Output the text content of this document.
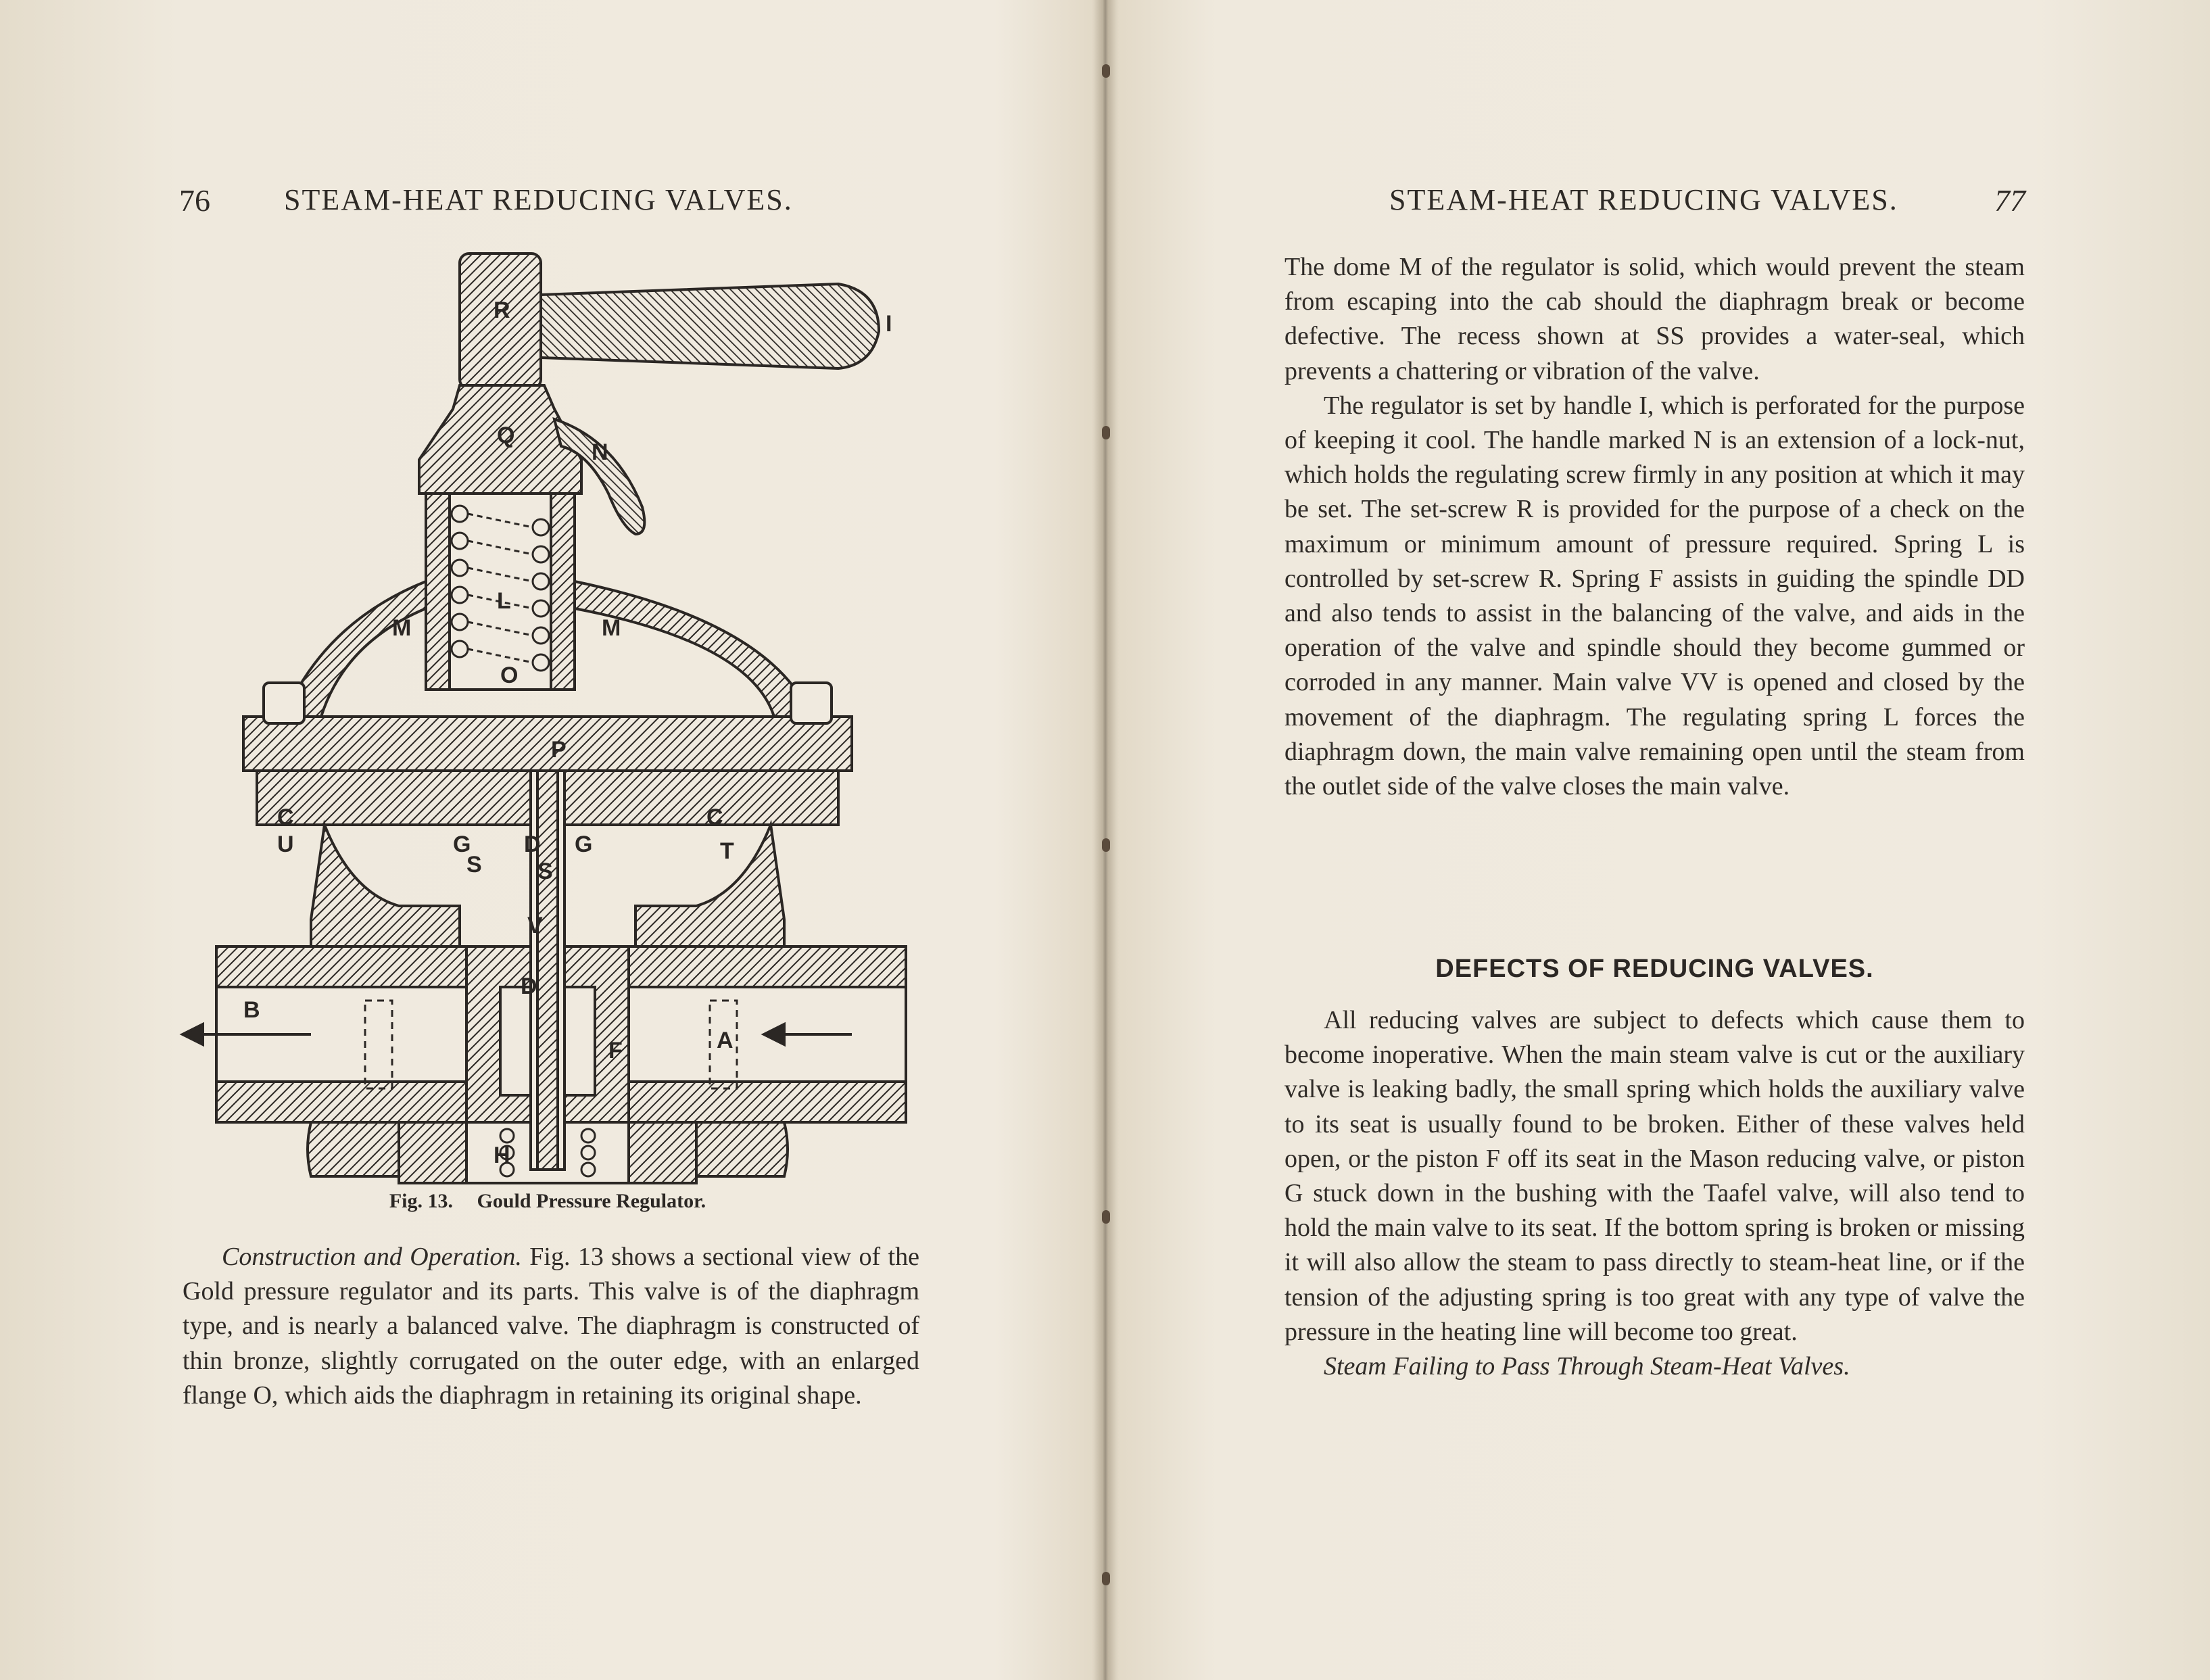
76 STEAM-HEAT REDUCING VALVES.
R
I
Q
N
L
M	M
O
P
C	C
U	T
G D G
S S
B
A
V
D
F
H
Fig. 13. Gould Pressure Regulator.

Construction and Operation. Fig. 13 shows a sectional view of the Gold pressure regulator and its parts. This valve is of the diaphragm type, and is nearly a balanced valve. The diaphragm is constructed of thin bronze, slightly corrugated on the outer edge, with an enlarged flange O, which aids the diaphragm in retaining its original shape.

STEAM-HEAT REDUCING VALVES.	77

The dome M of the regulator is solid, which would prevent the steam from escaping into the cab should the diaphragm break or become defective. The recess shown at SS provides a water-seal, which prevents a chattering or vibration of the valve.

The regulator is set by handle I, which is perforated for the purpose of keeping it cool. The handle marked N is an extension of a lock-nut, which holds the regulating screw firmly in any position at which it may be set. The set-screw R is provided for the purpose of a check on the maximum or minimum amount of pressure required. Spring L is controlled by set-screw R. Spring F assists in guiding the spindle DD and also tends to assist in the balancing of the valve, and aids in the operation of the valve and spindle should they become gummed or corroded in any manner. Main valve VV is opened and closed by the movement of the diaphragm. The regulating spring L forces the diaphragm down, the main valve remaining open until the steam from the outlet side of the valve closes the main valve.

DEFECTS OF REDUCING VALVES.

All reducing valves are subject to defects which cause them to become inoperative. When the main steam valve is cut or the auxiliary valve is leaking badly, the small spring which holds the auxiliary valve to its seat is usually found to be broken. Either of these valves held open, or the piston F off its seat in the Mason reducing valve, or piston G stuck down in the bushing with the Taafel valve, will also tend to hold the main valve to its seat. If the bottom spring is broken or missing it will also allow the steam to pass directly to steam-heat line, or if the tension of the adjusting spring is too great with any type of valve the pressure in the heating line will become too great.

Steam Failing to Pass Through Steam-Heat Valves.
